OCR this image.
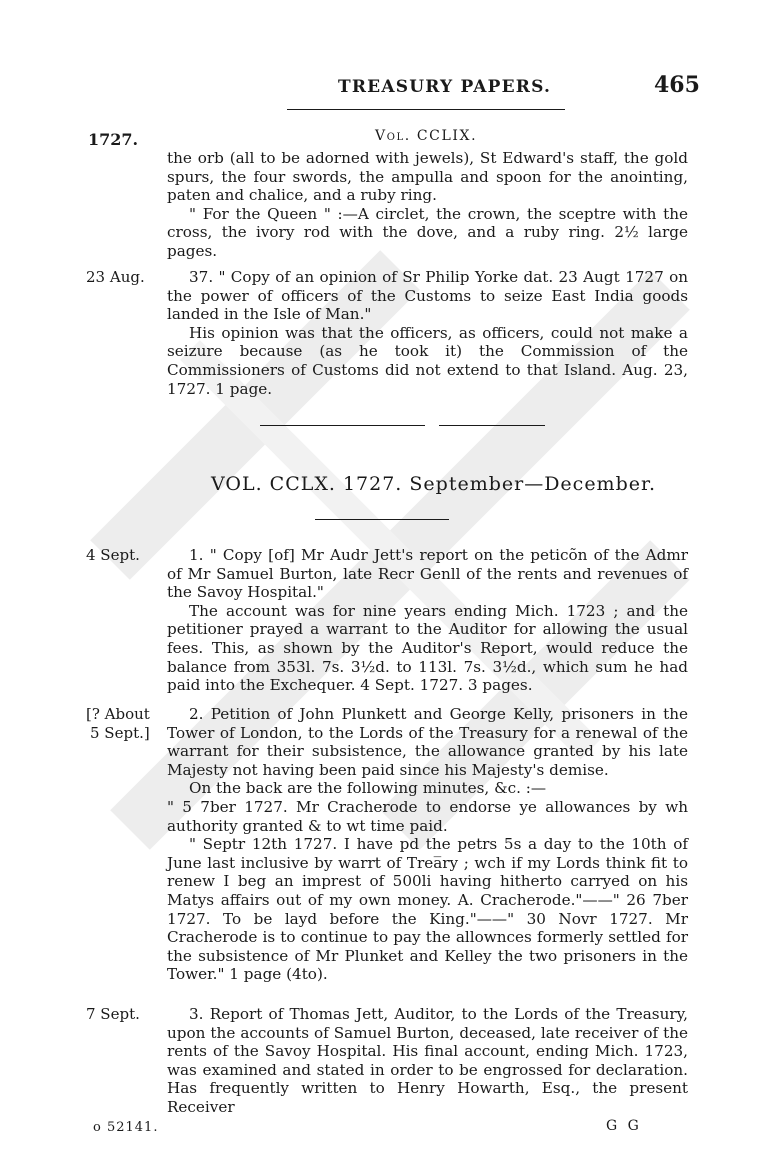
TREASURY PAPERS.	465
1727.	Vol. CCLIX.

the orb (all to be adorned with jewels), St Edward's staff, the gold spurs, the four swords, the ampulla and spoon for the anointing, paten and chalice, and a ruby ring.

" For the Queen " :—A circlet, the crown, the sceptre with the cross, the ivory rod with the dove, and a ruby ring. 2½ large pages.

23 Aug.	37. " Copy of an opinion of Sr Philip Yorke dat. 23 Augt 1727 on the power of officers of the Customs to seize East India goods landed in the Isle of Man."

His opinion was that the officers, as officers, could not make a seizure because (as he took it) the Commission of the Commissioners of Customs did not extend to that Island. Aug. 23, 1727. 1 page.

VOL. CCLX. 1727. September—December.
4 Sept.	1. " Copy [of] Mr Audr Jett's report on the peticõn of the Admr of Mr Samuel Burton, late Recr Genll of the rents and revenues of the Savoy Hospital."

The account was for nine years ending Mich. 1723 ; and the petitioner prayed a warrant to the Auditor for allowing the usual fees. This, as shown by the Auditor's Report, would reduce the balance from 353l. 7s. 3½d. to 113l. 7s. 3½d., which sum he had paid into the Exchequer. 4 Sept. 1727. 3 pages.

[? About
5 Sept.]

2. Petition of John Plunkett and George Kelly, prisoners in the Tower of London, to the Lords of the Treasury for a renewal of the warrant for their subsistence, the allowance granted by his late Majesty not having been paid since his Majesty's demise.

On the back are the following minutes, &c. :—

" 5 7ber 1727. Mr Cracherode to endorse ye allowances by wh authority granted & to wt time paid.

" Septr 12th 1727. I have pd the petrs 5s a day to the 10th of June last inclusive by warrt of Trea̅ry ; wch if my Lords think fit to renew I beg an imprest of 500li having hitherto carryed on his Matys affairs out of my own money. A. Cracherode."——" 26 7ber 1727. To be layd before the King."——" 30 Novr 1727. Mr Cracherode is to continue to pay the allownces formerly settled for the subsistence of Mr Plunket and Kelley the two prisoners in the Tower." 1 page (4to).

7 Sept.	3. Report of Thomas Jett, Auditor, to the Lords of the Treasury, upon the accounts of Samuel Burton, deceased, late receiver of the rents of the Savoy Hospital. His final account, ending Mich. 1723, was examined and stated in order to be engrossed for declaration. Has frequently written to Henry Howarth, Esq., the present Receiver

o 52141.	G G
